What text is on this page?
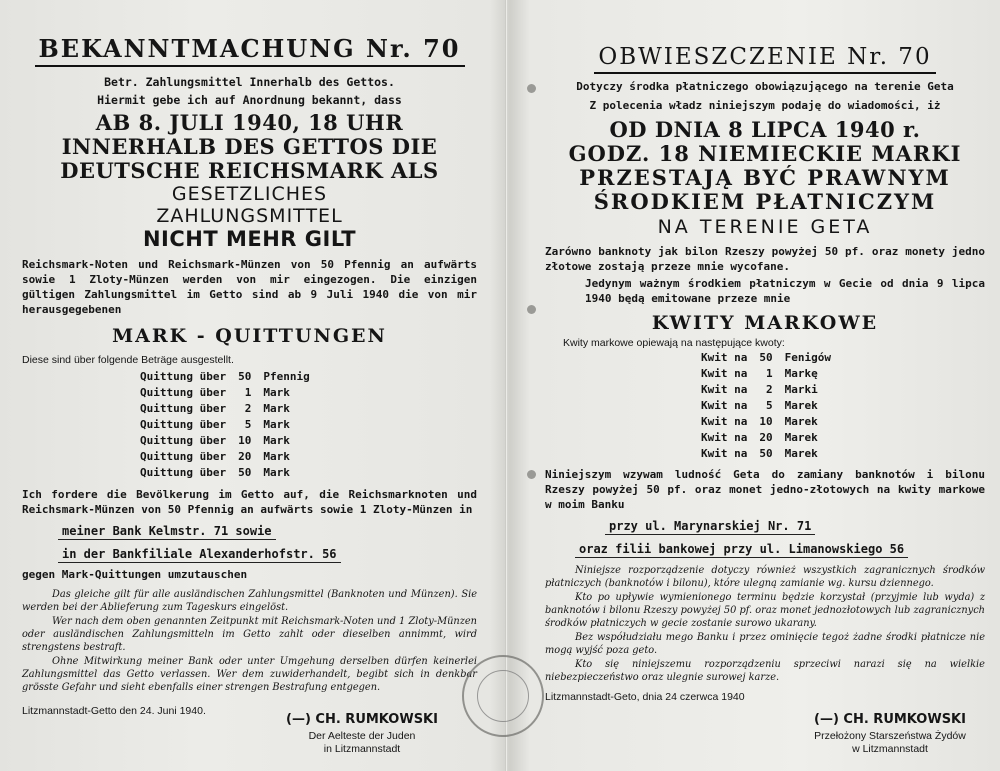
BEKANNTMACHUNG Nr. 70
Betr. Zahlungsmittel Innerhalb des Gettos.
Hiermit gebe ich auf Anordnung bekannt, dass
AB 8. JULI 1940, 18 UHR
INNERHALB DES GETTOS DIE
DEUTSCHE REICHSMARK ALS
GESETZLICHES
ZAHLUNGSMITTEL
NICHT MEHR GILT
Reichsmark-Noten und Reichsmark-Münzen von 50 Pfennig an aufwärts sowie 1 Zloty-Münzen werden von mir eingezogen. Die einzigen gültigen Zahlungsmittel im Getto sind ab 9 Juli 1940 die von mir herausgegebenen
MARK - QUITTUNGEN
Diese sind über folgende Beträge ausgestellt.
Quittung über	50	Pfennig
Quittung über	1	Mark
Quittung über	2	Mark
Quittung über	5	Mark
Quittung über	10	Mark
Quittung über	20	Mark
Quittung über	50	Mark
Ich fordere die Bevölkerung im Getto auf, die Reichsmarknoten und Reichsmark-Münzen von 50 Pfennig an aufwärts sowie 1 Zloty-Münzen in
meiner Bank Kelmstr. 71 sowie
in der Bankfiliale Alexanderhofstr. 56
gegen Mark-Quittungen umzutauschen

Das gleiche gilt für alle ausländischen Zahlungsmittel (Banknoten und Münzen). Sie werden bei der Ablieferung zum Tageskurs eingelöst.

Wer nach dem oben genannten Zeitpunkt mit Reichsmark-Noten und 1 Zloty-Münzen oder ausländischen Zahlungsmitteln im Getto zahlt oder dieselben annimmt, wird strengstens bestraft.

Ohne Mitwirkung meiner Bank oder unter Umgehung derselben dürfen keinerlei Zahlungsmittel das Getto verlassen. Wer dem zuwiderhandelt, begibt sich in denkbar grösste Gefahr und sieht ebenfalls einer strengen Bestrafung entgegen.

Litzmannstadt-Getto den 24. Juni 1940.
(—) CH. RUMKOWSKI
Der Aelteste der Juden
in Litzmannstadt
OBWIESZCZENIE Nr. 70
Dotyczy środka płatniczego obowiązującego na terenie Geta
Z polecenia władz niniejszym podaję do wiadomości, iż
OD DNIA 8 LIPCA 1940 r.
GODZ. 18 NIEMIECKIE MARKI
PRZESTAJĄ BYĆ PRAWNYM
ŚRODKIEM PŁATNICZYM
NA TERENIE GETA
Zarówno banknoty jak bilon Rzeszy powyżej 50 pf. oraz monety jedno złotowe zostają przeze mnie wycofane.
Jedynym ważnym środkiem płatniczym w Gecie od dnia 9 lipca 1940 będą emitowane przeze mnie
KWITY MARKOWE
Kwity markowe opiewają na następujące kwoty:
Kwit na	50	Fenigów
Kwit na	1	Markę
Kwit na	2	Marki
Kwit na	5	Marek
Kwit na	10	Marek
Kwit na	20	Marek
Kwit na	50	Marek
Niniejszym wzywam ludność Geta do zamiany banknotów i bilonu Rzeszy powyżej 50 pf. oraz monet jedno-złotowych na kwity markowe w moim Banku
przy ul. Marynarskiej Nr. 71
oraz filii bankowej przy ul. Limanowskiego 56

Niniejsze rozporządzenie dotyczy również wszystkich zagranicznych środków płatniczych (banknotów i bilonu), które ulegną zamianie wg. kursu dziennego.

Kto po upływie wymienionego terminu będzie korzystał (przyjmie lub wyda) z banknotów i bilonu Rzeszy powyżej 50 pf. oraz monet jednozłotowych lub zagranicznych środków płatniczych w gecie zostanie surowo ukarany.

Bez współudziału mego Banku i przez ominięcie tegoż żadne środki płatnicze nie mogą wyjść poza geto.

Kto się niniejszemu rozporządzeniu sprzeciwi narazi się na wielkie niebezpieczeństwo oraz ulegnie surowej karze.

Litzmannstadt-Geto, dnia 24 czerwca 1940
(—) CH. RUMKOWSKI
Przełożony Starszeństwa Żydów
w Litzmannstadt
